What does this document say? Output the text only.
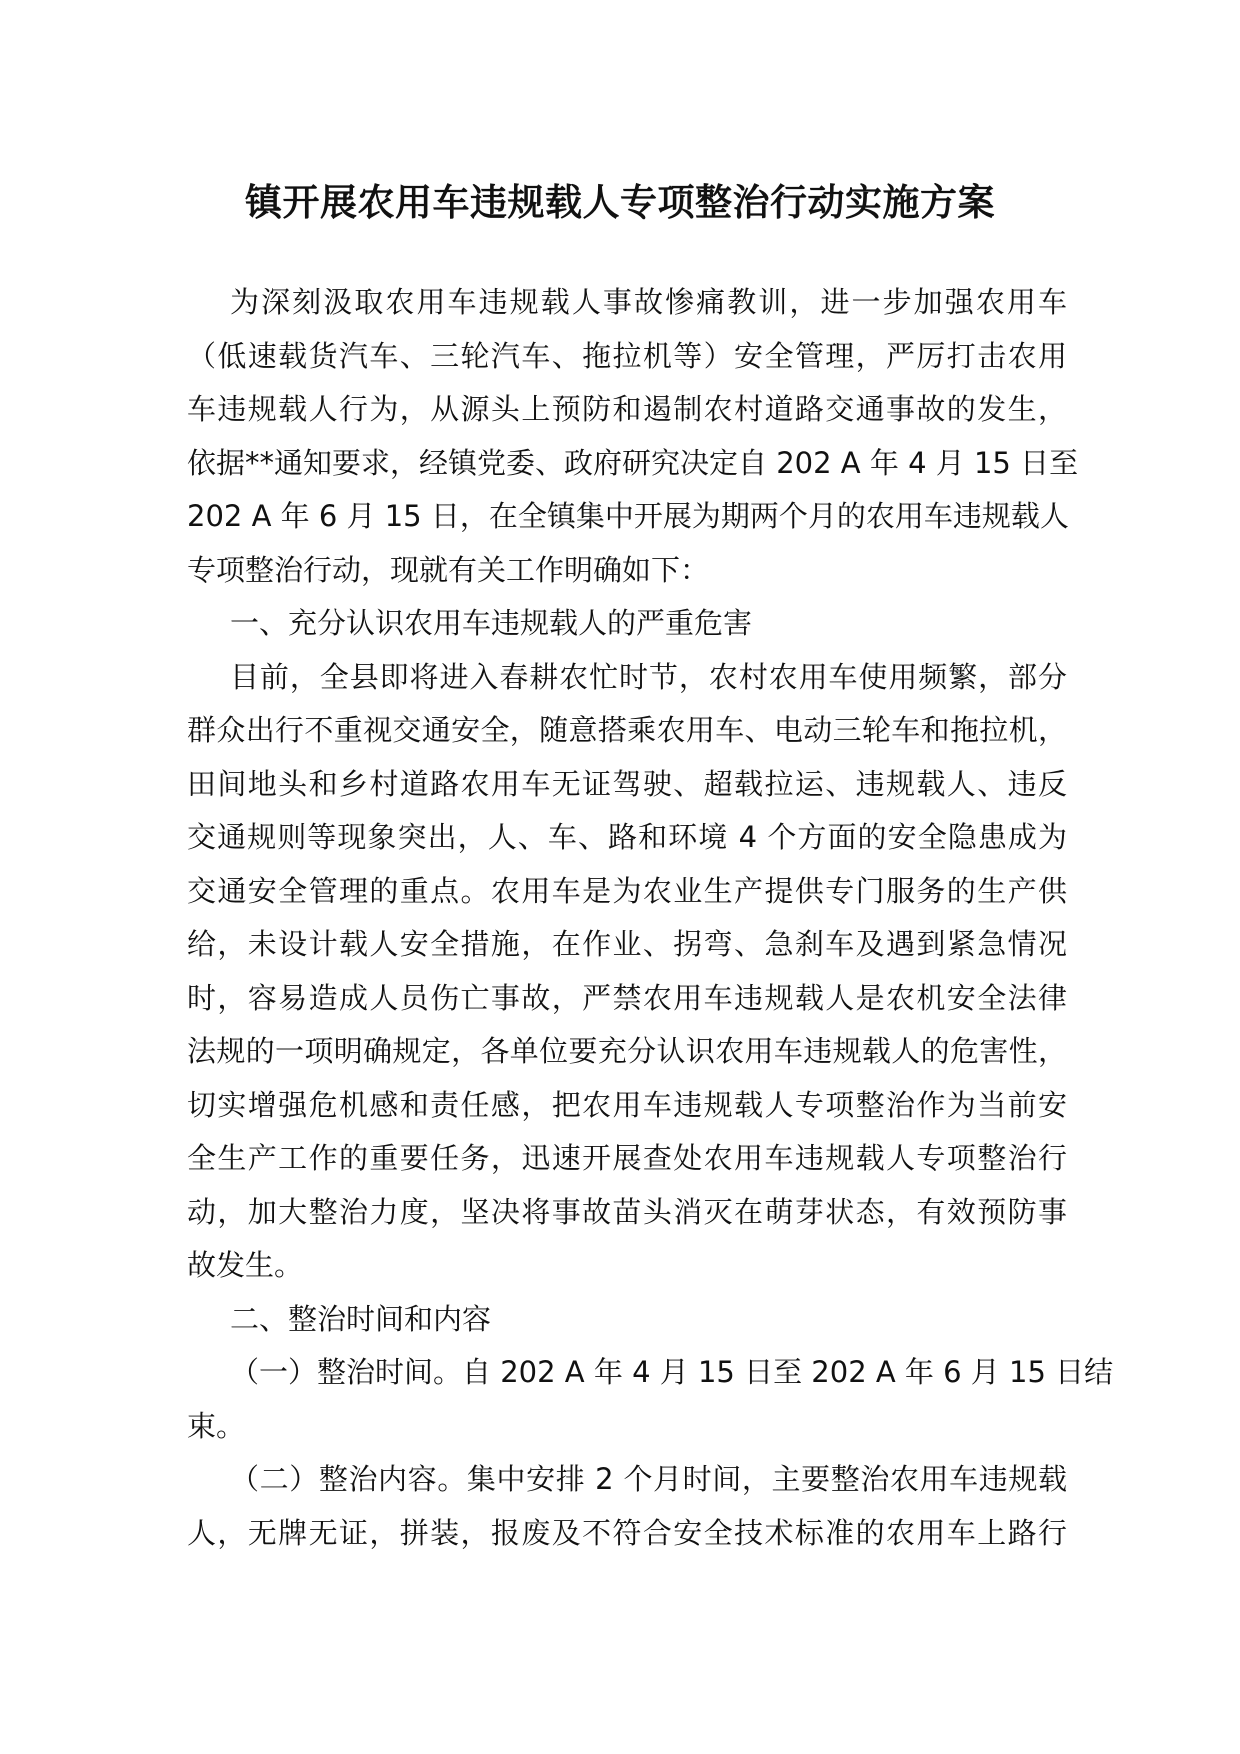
镇开展农用车违规载人专项整治行动实施方案
为深刻汲取农用车违规载人事故惨痛教训，进一步加强农用车
（低速载货汽车、三轮汽车、拖拉机等）安全管理，严厉打击农用
车违规载人行为，从源头上预防和遏制农村道路交通事故的发生，
依据**通知要求，经镇党委、政府研究决定自 202 A 年 4 月 15 日至
202 A 年 6 月 15 日，在全镇集中开展为期两个月的农用车违规载人
专项整治行动，现就有关工作明确如下：
一、充分认识农用车违规载人的严重危害
目前，全县即将进入春耕农忙时节，农村农用车使用频繁，部分
群众出行不重视交通安全，随意搭乘农用车、电动三轮车和拖拉机，
田间地头和乡村道路农用车无证驾驶、超载拉运、违规载人、违反
交通规则等现象突出，人、车、路和环境 4 个方面的安全隐患成为
交通安全管理的重点。农用车是为农业生产提供专门服务的生产供
给，未设计载人安全措施，在作业、拐弯、急刹车及遇到紧急情况
时，容易造成人员伤亡事故，严禁农用车违规载人是农机安全法律
法规的一项明确规定，各单位要充分认识农用车违规载人的危害性，
切实增强危机感和责任感，把农用车违规载人专项整治作为当前安
全生产工作的重要任务，迅速开展查处农用车违规载人专项整治行
动，加大整治力度，坚决将事故苗头消灭在萌芽状态，有效预防事
故发生。
二、整治时间和内容
（一）整治时间。自 202 A 年 4 月 15 日至 202 A 年 6 月 15 日结
束。
（二）整治内容。集中安排 2 个月时间，主要整治农用车违规载
人，无牌无证，拼装，报废及不符合安全技术标准的农用车上路行
